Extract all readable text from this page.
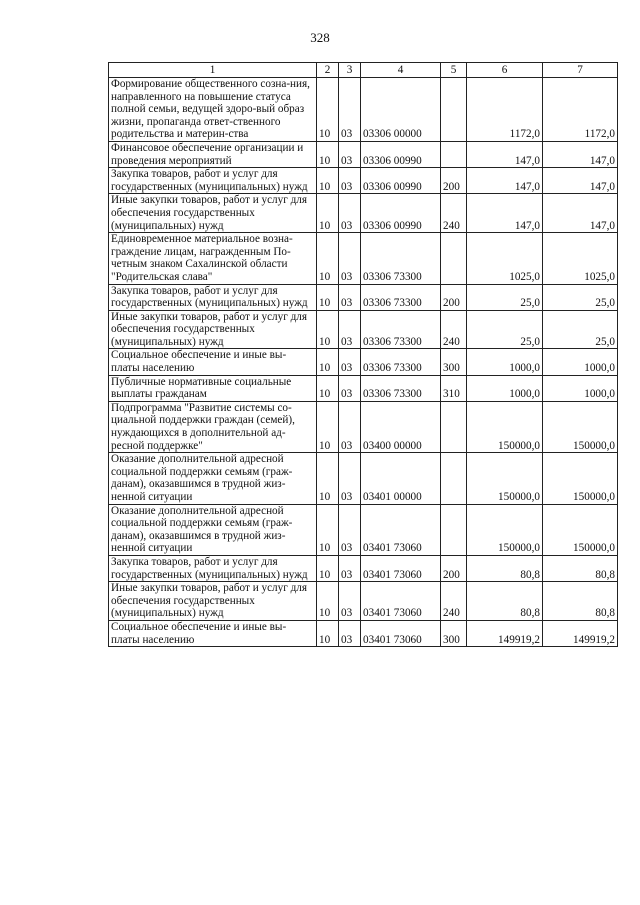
328
1	2	3	4	5	6	7
Формирование общественного созна-ния, направленного на повышение статуса полной семьи, ведущей здоро-вый образ жизни, пропаганда ответ-ственного родительства и материн-ства	10	03	03306 00000		1172,0	1172,0
Финансовое обеспечение организации и проведения мероприятий	10	03	03306 00990		147,0	147,0
Закупка товаров, работ и услуг для государственных (муниципальных) нужд	10	03	03306 00990	200	147,0	147,0
Иные закупки товаров, работ и услуг для обеспечения государственных (муниципальных) нужд	10	03	03306 00990	240	147,0	147,0
Единовременное материальное возна-граждение лицам, награжденным По-четным знаком Сахалинской области "Родительская слава"	10	03	03306 73300		1025,0	1025,0
Закупка товаров, работ и услуг для государственных (муниципальных) нужд	10	03	03306 73300	200	25,0	25,0
Иные закупки товаров, работ и услуг для обеспечения государственных (муниципальных) нужд	10	03	03306 73300	240	25,0	25,0
Социальное обеспечение и иные вы-платы населению	10	03	03306 73300	300	1000,0	1000,0
Публичные нормативные социальные выплаты гражданам	10	03	03306 73300	310	1000,0	1000,0
Подпрограмма "Развитие системы со-циальной поддержки граждан (семей), нуждающихся в дополнительной ад-ресной поддержке"	10	03	03400 00000		150000,0	150000,0
Оказание дополнительной адресной социальной поддержки семьям (граж-данам), оказавшимся в трудной жиз-ненной ситуации	10	03	03401 00000		150000,0	150000,0
Оказание дополнительной адресной социальной поддержки семьям (граж-данам), оказавшимся в трудной жиз-ненной ситуации	10	03	03401 73060		150000,0	150000,0
Закупка товаров, работ и услуг для государственных (муниципальных) нужд	10	03	03401 73060	200	80,8	80,8
Иные закупки товаров, работ и услуг для обеспечения государственных (муниципальных) нужд	10	03	03401 73060	240	80,8	80,8
Социальное обеспечение и иные вы-платы населению	10	03	03401 73060	300	149919,2	149919,2
